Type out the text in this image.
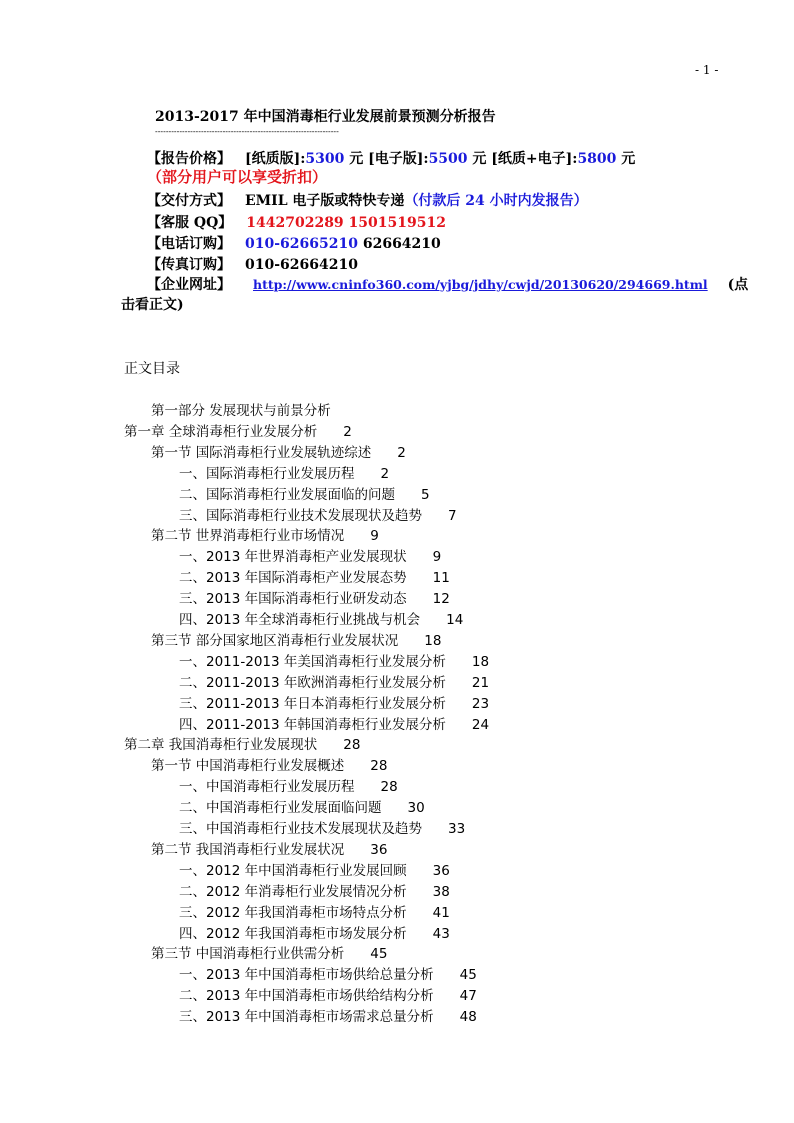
- 1 -
2013-2017 年中国消毒柜行业发展前景预测分析报告
--------------------------------------------------------------------
【报告价格】 [纸质版]:5300 元 [电子版]:5500 元 [纸质+电子]:5800 元
（部分用户可以享受折扣）
【交付方式】 EMIL 电子版或特快专递（付款后 24 小时内发报告）
【客服 QQ】 1442702289 1501519512
【电话订购】 010-62665210 62664210
【传真订购】 010-62664210
【企业网址】 http://www.cninfo360.com/yjbg/jdhy/cwjd/20130620/294669.html (点
击看正文)
正文目录
第一部分 发展现状与前景分析
第一章 全球消毒柜行业发展分析 2
第一节 国际消毒柜行业发展轨迹综述 2
一、国际消毒柜行业发展历程 2
二、国际消毒柜行业发展面临的问题 5
三、国际消毒柜行业技术发展现状及趋势 7
第二节 世界消毒柜行业市场情况 9
一、2013 年世界消毒柜产业发展现状 9
二、2013 年国际消毒柜产业发展态势 11
三、2013 年国际消毒柜行业研发动态 12
四、2013 年全球消毒柜行业挑战与机会 14
第三节 部分国家地区消毒柜行业发展状况 18
一、2011-2013 年美国消毒柜行业发展分析 18
二、2011-2013 年欧洲消毒柜行业发展分析 21
三、2011-2013 年日本消毒柜行业发展分析 23
四、2011-2013 年韩国消毒柜行业发展分析 24
第二章 我国消毒柜行业发展现状 28
第一节 中国消毒柜行业发展概述 28
一、中国消毒柜行业发展历程 28
二、中国消毒柜行业发展面临问题 30
三、中国消毒柜行业技术发展现状及趋势 33
第二节 我国消毒柜行业发展状况 36
一、2012 年中国消毒柜行业发展回顾 36
二、2012 年消毒柜行业发展情况分析 38
三、2012 年我国消毒柜市场特点分析 41
四、2012 年我国消毒柜市场发展分析 43
第三节 中国消毒柜行业供需分析 45
一、2013 年中国消毒柜市场供给总量分析 45
二、2013 年中国消毒柜市场供给结构分析 47
三、2013 年中国消毒柜市场需求总量分析 48
